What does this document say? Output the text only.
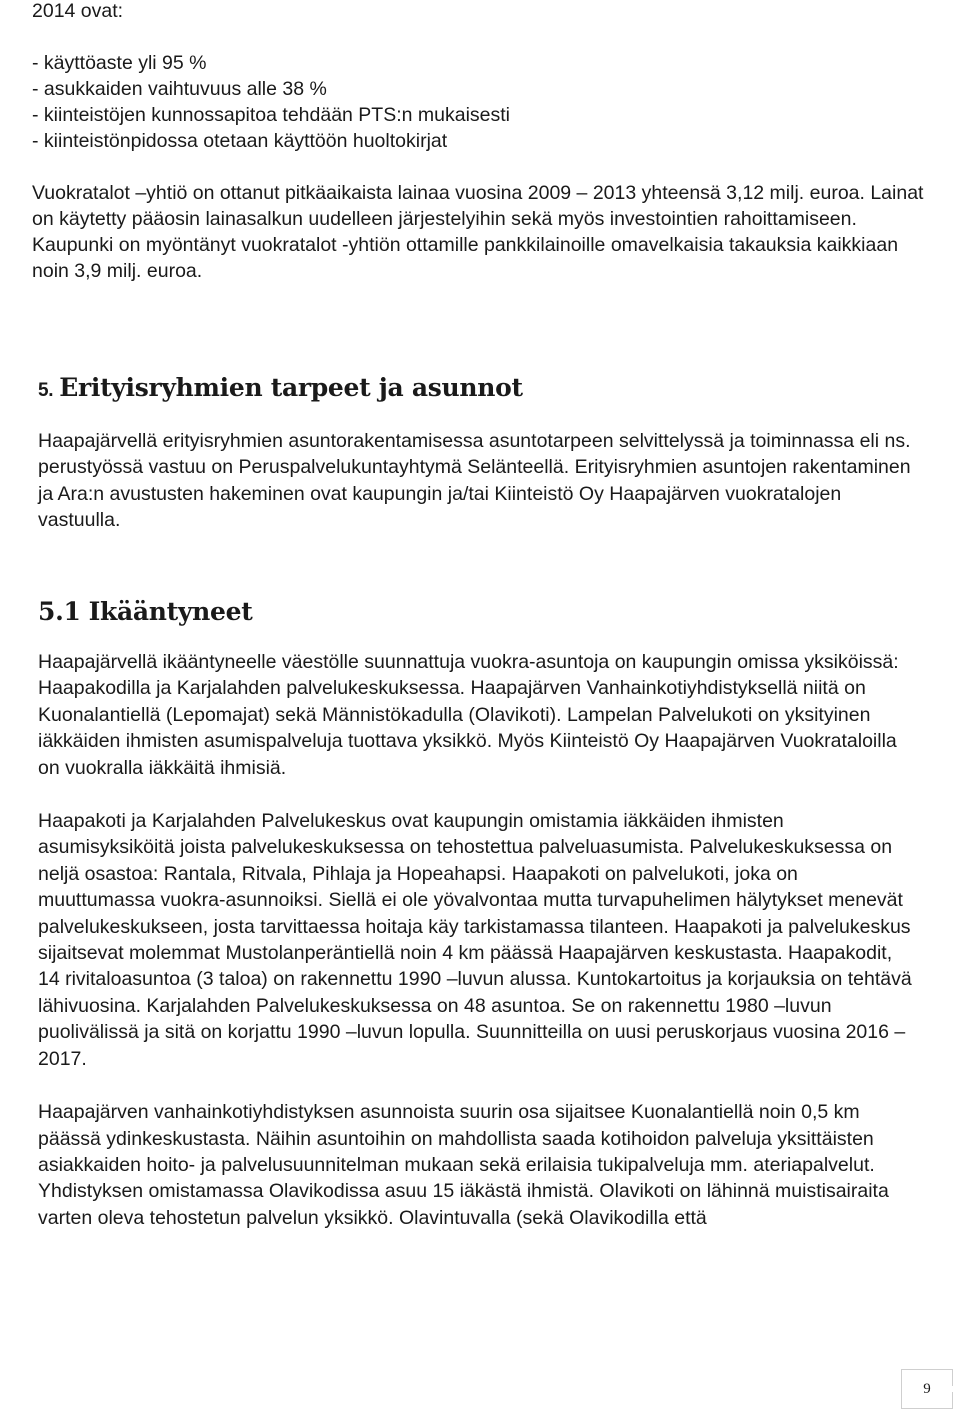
2014 ovat:
- käyttöaste yli 95 %
- asukkaiden vaihtuvuus alle 38 %
- kiinteistöjen kunnossapitoa tehdään PTS:n mukaisesti
- kiinteistönpidossa otetaan käyttöön huoltokirjat

Vuokratalot –yhtiö on ottanut pitkäaikaista lainaa vuosina 2009 – 2013 yhteensä 3,12 milj. euroa. Lainat on käytetty pääosin lainasalkun uudelleen järjestelyihin sekä myös investointien rahoittamiseen. Kaupunki on myöntänyt vuokratalot -yhtiön ottamille pankkilainoille omavelkaisia takauksia kaikkiaan noin 3,9 milj. euroa.

5. Erityisryhmien tarpeet ja asunnot

Haapajärvellä erityisryhmien asuntorakentamisessa asuntotarpeen selvittelyssä ja toiminnassa eli ns. perustyössä vastuu on Peruspalvelukuntayhtymä Selänteellä. Erityisryhmien asuntojen rakentaminen ja Ara:n avustusten hakeminen ovat kaupungin ja/tai Kiinteistö Oy Haapajärven vuokratalojen vastuulla.

5.1 Ikääntyneet

Haapajärvellä ikääntyneelle väestölle suunnattuja vuokra-asuntoja on kaupungin omissa yksiköissä: Haapakodilla ja Karjalahden palvelukeskuksessa. Haapajärven Vanhainkotiyhdistyksellä niitä on Kuonalantiellä (Lepomajat) sekä Männistökadulla (Olavikoti). Lampelan Palvelukoti on yksityinen iäkkäiden ihmisten asumispalveluja tuottava yksikkö. Myös Kiinteistö Oy Haapajärven Vuokrataloilla on vuokralla iäkkäitä ihmisiä.

Haapakoti ja Karjalahden Palvelukeskus ovat kaupungin omistamia iäkkäiden ihmisten asumisyksiköitä joista palvelukeskuksessa on tehostettua palveluasumista. Palvelukeskuksessa on neljä osastoa: Rantala, Ritvala, Pihlaja ja Hopeahapsi. Haapakoti on palvelukoti, joka on muuttumassa vuokra-asunnoiksi. Siellä ei ole yövalvontaa mutta turvapuhelimen hälytykset menevät palvelukeskukseen, josta tarvittaessa hoitaja käy tarkistamassa tilanteen. Haapakoti ja palvelukeskus sijaitsevat molemmat Mustolanperäntiellä noin 4 km päässä Haapajärven keskustasta. Haapakodit, 14 rivitaloasuntoa (3 taloa) on rakennettu 1990 –luvun alussa. Kuntokartoitus ja korjauksia on tehtävä lähivuosina. Karjalahden Palvelukeskuksessa on 48 asuntoa. Se on rakennettu 1980 –luvun puolivälissä ja sitä on korjattu 1990 –luvun lopulla. Suunnitteilla on uusi peruskorjaus vuosina 2016 – 2017.

Haapajärven vanhainkotiyhdistyksen asunnoista suurin osa sijaitsee Kuonalantiellä noin 0,5 km päässä ydinkeskustasta. Näihin asuntoihin on mahdollista saada kotihoidon palveluja yksittäisten asiakkaiden hoito- ja palvelusuunnitelman mukaan sekä erilaisia tukipalveluja mm. ateriapalvelut. Yhdistyksen omistamassa Olavikodissa asuu 15 iäkästä ihmistä. Olavikoti on lähinnä muistisairaita varten oleva tehostetun palvelun yksikkö. Olavintuvalla (sekä Olavikodilla että

9
